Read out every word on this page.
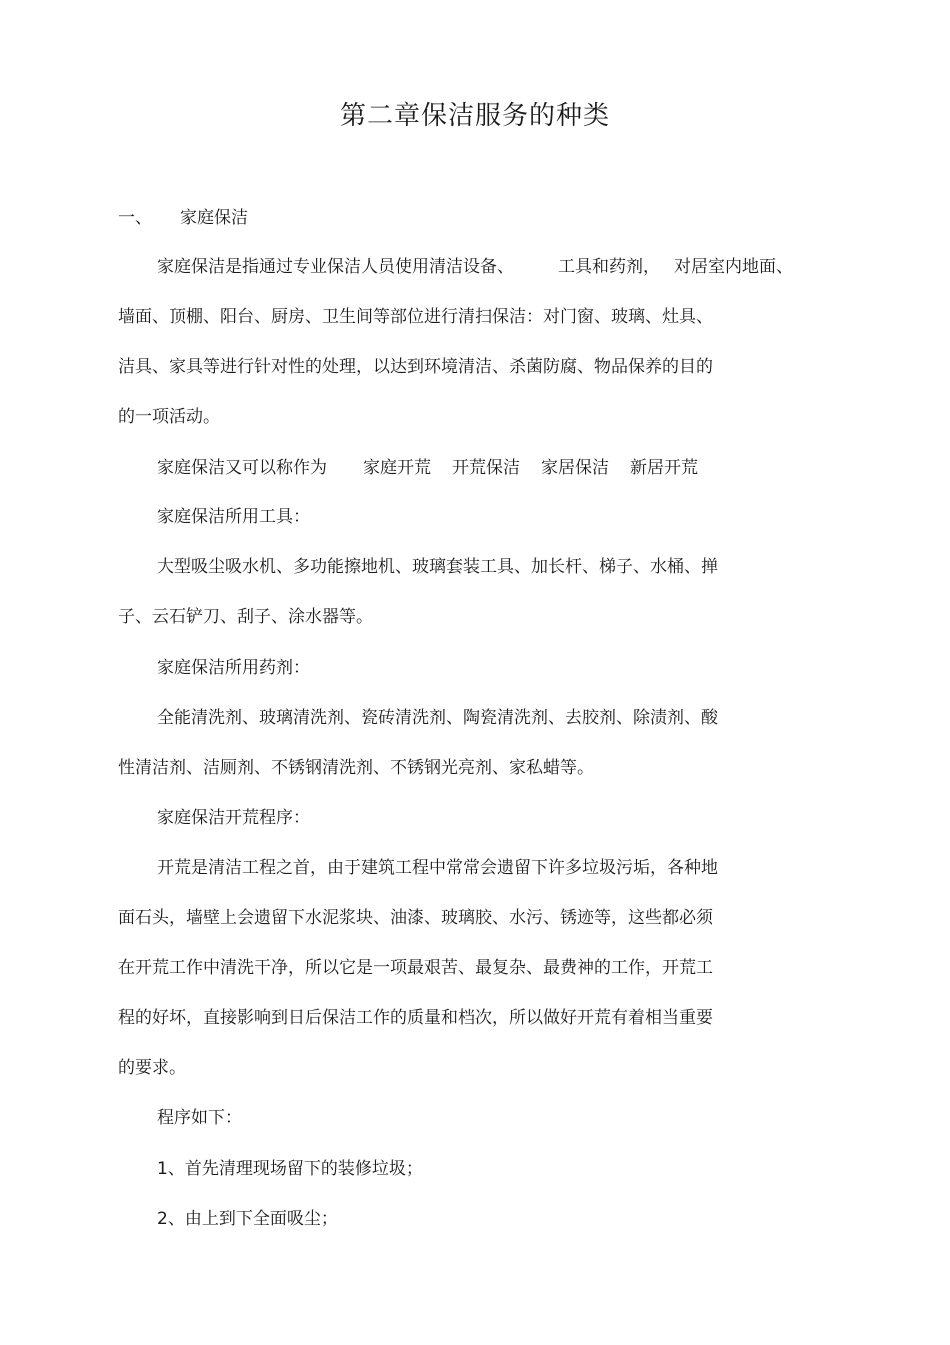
第二章保洁服务的种类
一、 家庭保洁
家庭保洁是指通过专业保洁人员使用清洁设备、	工具和药剂， 对居室内地面、
墙面、顶棚、阳台、厨房、卫生间等部位进行清扫保洁：对门窗、玻璃、灶具、
洁具、家具等进行针对性的处理，以达到环境清洁、杀菌防腐、物品保养的目的
的一项活动。
家庭保洁又可以称作为 家庭开荒 开荒保洁 家居保洁 新居开荒
家庭保洁所用工具：
大型吸尘吸水机、多功能擦地机、玻璃套装工具、加长杆、梯子、水桶、掸
子、云石铲刀、刮子、涂水器等。
家庭保洁所用药剂：
全能清洗剂、玻璃清洗剂、瓷砖清洗剂、陶瓷清洗剂、去胶剂、除渍剂、酸
性清洁剂、洁厕剂、不锈钢清洗剂、不锈钢光亮剂、家私蜡等。
家庭保洁开荒程序：
开荒是清洁工程之首，由于建筑工程中常常会遗留下许多垃圾污垢，各种地
面石头，墙壁上会遗留下水泥浆块、油漆、玻璃胶、水污、锈迹等，这些都必须
在开荒工作中清洗干净，所以它是一项最艰苦、最复杂、最费神的工作，开荒工
程的好坏，直接影响到日后保洁工作的质量和档次，所以做好开荒有着相当重要
的要求。
程序如下：
1、首先清理现场留下的装修垃圾；
2、由上到下全面吸尘；
